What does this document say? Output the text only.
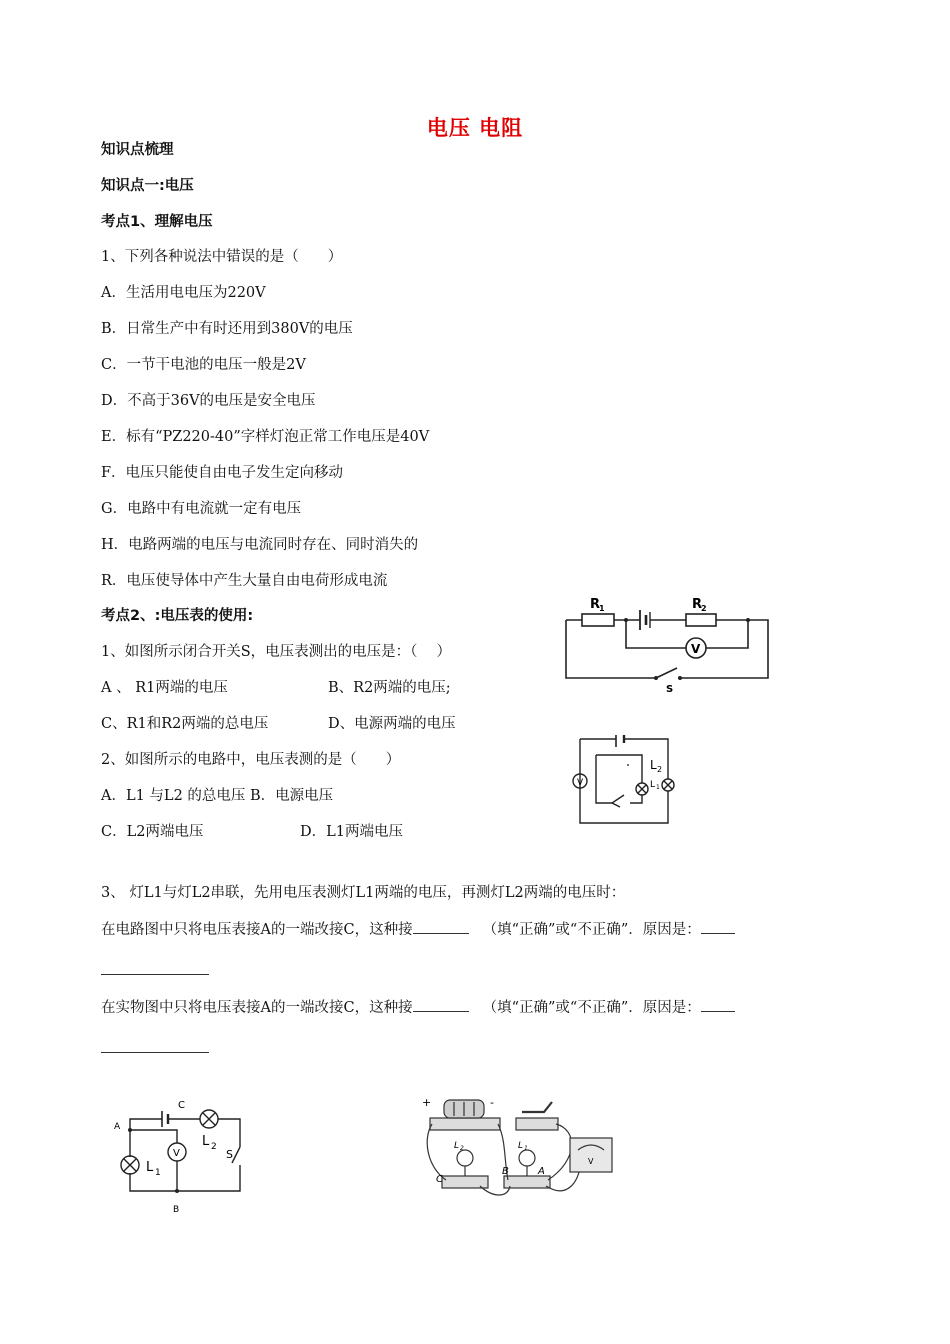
电压 电阻
知识点梳理
知识点一:电压
考点1、理解电压
1、下列各种说法中错误的是（　　）
A．生活用电电压为220V
B．日常生产中有时还用到380V的电压
C．一节干电池的电压一般是2V
D．不高于36V的电压是安全电压
E．标有“PZ220-40”字样灯泡正常工作电压是40V
F．电压只能使自由电子发生定向移动
G．电路中有电流就一定有电压
H．电路两端的电压与电流同时存在、同时消失的
R．电压使导体中产生大量自由电荷形成电流
考点2、:电压表的使用:
1、如图所示闭合开关S，电压表测出的电压是：（　 ）
A 、 R1两端的电压	B、R2两端的电压;
C、R1和R2两端的总电压	D、电源两端的电压
2、如图所示的电路中，电压表测的是（　　）
A．L1 与L2 的总电压 B．电源电压
C．L2两端电压	D．L1两端电压
3、 灯L1与灯L2串联，先用电压表测灯L1两端的电压，再测灯L2两端的电压时：
在电路图中只将电压表接A的一端改接C，这种接	（填“正确”或“不正确”．原因是：
在实物图中只将电压表接A的一端改接C，这种接	（填“正确”或“不正确”．原因是：
V
R
1	R
2
S
V
L 2
L 1
V
A
B
C
L 1
L 2
S
+	-
L 2	L 1
C
B	A
V
